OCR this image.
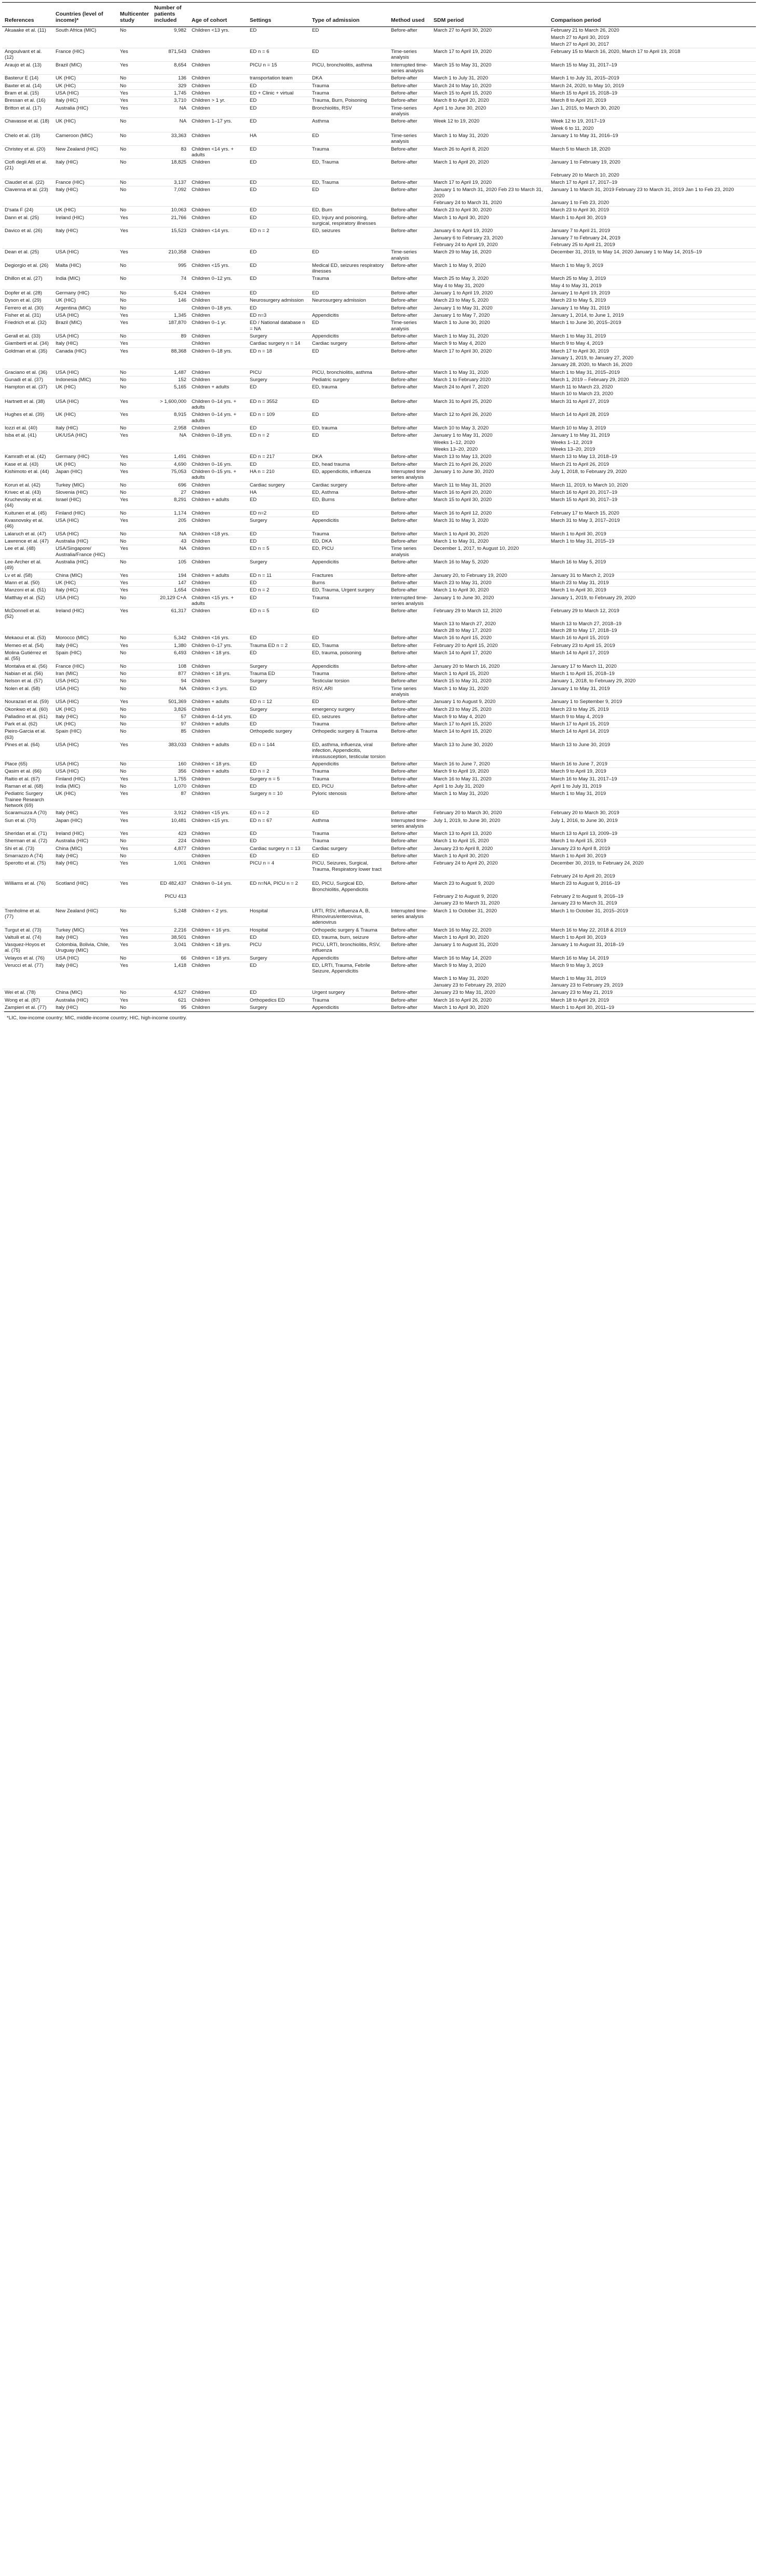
References	Countries (level of income)*	Multicenter study	Number of patients included	Age of cohort	Settings	Type of admission	Method used	SDM period	Comparison period
Akuaake et al. (11)	South Africa (MIC)	No	9,982	Children <13 yrs.	ED	ED	Before-after	March 27 to April 30, 2020	February 21 to March 26, 2020
									March 27 to April 30, 2019
									March 27 to April 30, 2017
Angoulvant et al. (12)	France (HIC)	Yes	871,543	Children	ED n = 6	ED	Time-series analysis	March 17 to April 19, 2020	February 15 to March 16, 2020, March 17 to April 19, 2018
Araujo et al. (13)	Brazil (MIC)	Yes	8,654	Children	PICU n = 15	PICU, bronchiolitis, asthma	Interrupted time-series analysis	March 15 to May 31, 2020	March 15 to May 31, 2017–19
Basterur E (14)	UK (HIC)	No	136	Children	transportation team	DKA	Before-after	March 1 to July 31, 2020	March 1 to July 31, 2015–2019
Baxter et al. (14)	UK (HIC)	No	329	Children	ED	Trauma	Before-after	March 24 to May 10, 2020	March 24, 2020, to May 10, 2019
Bram et al. (15)	USA (HIC)	Yes	1,745	Children	ED + Clinic + virtual	Trauma	Before-after	March 15 to April 15, 2020	March 15 to April 15, 2018–19
Bressan et al. (16)	Italy (HIC)	Yes	3,710	Children > 1 yr.	ED	Trauma, Burn, Poisoning	Before-after	March 8 to April 20, 2020	March 8 to April 20, 2019
Britton et al. (17)	Australia (HIC)	Yes	NA	Children	ED	Bronchiolitis, RSV	Time-series analysis	April 1 to June 30, 2020	Jan 1, 2015, to March 30, 2020
Chavasse et al. (18)	UK (HIC)	No	NA	Children 1–17 yrs.	ED	Asthma	Before-after	Week 12 to 19, 2020	Week 12 to 19, 2017–19
									Week 6 to 11, 2020
Chelo et al. (19)	Cameroon (MIC)	No	33,363	Children	HA	ED	Time-series analysis	March 1 to May 31, 2020	January 1 to May 31, 2016–19
Christey et al. (20)	New Zealand (HIC)	No	83	Children <14 yrs. + adults	ED	Trauma	Before-after	March 26 to April 8, 2020	March 5 to March 18, 2020
Ciofi degli Atti et al. (21)	Italy (HIC)	No	18,825	Children	ED	ED, Trauma	Before-after	March 1 to April 20, 2020	January 1 to February 19, 2020
									February 20 to March 10, 2020
Claudet et al. (22)	France (HIC)	No	3,137	Children	ED	ED, Trauma	Before-after	March 17 to April 19, 2020	March 17 to April 17, 2017–19
Clavenna et al. (23)	Italy (HIC)	No	7,092	Children	ED	ED	Before-after	January 1 to March 31, 2020 Feb 23 to March 31, 2020	January 1 to March 31, 2019 February 23 to March 31, 2019 Jan 1 to Feb 23, 2020
								February 24 to March 31, 2020	January 1 to Feb 23, 2020
D'sata F (24)	UK (HIC)	No	10,063	Children	ED	ED, Burn	Before-after	March 23 to April 30, 2020	March 23 to April 30, 2019
Dann et al. (25)	Ireland (HIC)	Yes	21,766	Children	ED	ED, Injury and poisoning, surgical, respiratory illnesses	Before-after	March 1 to April 30, 2020	March 1 to April 30, 2019
Davico et al. (26)	Italy (HIC)	Yes	15,523	Children <14 yrs.	ED n = 2	ED, seizures	Before-after	January 6 to April 19, 2020	January 7 to April 21, 2019
								January 6 to February 23, 2020	January 7 to February 24, 2019
								February 24 to April 19, 2020	February 25 to April 21, 2019
Dean et al. (25)	USA (HIC)	Yes	210,358	Children	ED	ED	Time-series analysis	March 29 to May 16, 2020	December 31, 2019, to May 14, 2020 January 1 to May 14, 2015–19
Degiorgio et al. (26)	Malta (HIC)	No	995	Children <15 yrs.	ED	Medical ED, seizures respiratory illnesses	Before-after	March 1 to May 9, 2020	March 1 to May 9, 2019
Dhillon et al. (27)	India (MIC)	No	74	Children 0–12 yrs.	ED	Trauma	Before-after	March 25 to May 3, 2020	March 25 to May 3, 2019
								May 4 to May 31, 2020	May 4 to May 31, 2019
Dopfer et al. (28)	Germany (HIC)	No	5,424	Children	ED	ED	Before-after	January 1 to April 19, 2020	January 1 to April 19, 2019
Dyson et al. (29)	UK (HIC)	No	146	Children	Neurosurgery admission	Neurosurgery admission	Before-after	March 23 to May 5, 2020	March 23 to May 5, 2019
Ferrero et al. (30)	Argentina (MIC)	No		Children 0–18 yrs.	ED		Before-after	January 1 to May 31, 2020	January 1 to May 31, 2019
Fisher et al. (31)	USA (HIC)	Yes	1,345	Children	ED n=3	Appendicitis	Before-after	January 1 to May 7, 2020	January 1, 2014, to June 1, 2019
Friedrich et al. (32)	Brazil (MIC)	Yes	187,870	Children 0–1 yr.	ED / National database n = NA	ED	Time-series analysis	March 1 to June 30, 2020	March 1 to June 30, 2015–2019
Gerall et al. (33)	USA (HIC)	No	89	Children	Surgery	Appendicitis	Before-after	March 1 to May 31, 2020	March 1 to May 31, 2019
Giamberti et al. (34)	Italy (HIC)	Yes		Children	Cardiac surgery n = 14	Cardiac surgery	Before-after	March 9 to May 4, 2020	March 9 to May 4, 2019
Goldman et al. (35)	Canada (HIC)	Yes	88,368	Children 0–18 yrs.	ED n = 18	ED	Before-after	March 17 to April 30, 2020	March 17 to April 30, 2019
									January 1, 2019, to January 27, 2020
									January 28, 2020, to March 16, 2020
Graciano et al. (36)	USA (HIC)	No	1,487	Children	PICU	PICU, bronchiolitis, asthma	Before-after	March 1 to May 31, 2020	March 1 to May 31, 2015–2019
Gunadi et al. (37)	Indonesia (MIC)	No	152	Children	Surgery	Pediatric surgery	Before-after	March 1 to February 2020	March 1, 2019 – February 29, 2020
Hampton et al. (37)	UK (HIC)	No	5,165	Children + adults	ED	ED, trauma	Before-after	March 24 to April 7, 2020	March 11 to March 23, 2020
									March 10 to March 23, 2020
Hartnett et al. (38)	USA (HIC)	Yes	> 1,600,000	Children 0–14 yrs. + adults	ED n = 3552	ED	Before-after	March 31 to April 25, 2020	March 31 to April 27, 2019
Hughes et al. (39)	UK (HIC)	Yes	8,915	Children 0–14 yrs. + adults	ED n = 109	ED	Before-after	March 12 to April 26, 2020	March 14 to April 28, 2019
Iozzi et al. (40)	Italy (HIC)	No	2,958	Children	ED	ED, trauma	Before-after	March 10 to May 3, 2020	March 10 to May 3, 2019
Isba et al. (41)	UK/USA (HIC)	Yes	NA	Children 0–18 yrs.	ED n = 2	ED	Before-after	January 1 to May 31, 2020	January 1 to May 31, 2019
								Weeks 1–12, 2020	Weeks 1–12, 2019
								Weeks 13–20, 2020	Weeks 13–20, 2019
Kamrath et al. (42)	Germany (HIC)	Yes	1,491	Children	ED n = 217	DKA	Before-after	March 13 to May 13, 2020	March 13 to May 13, 2018–19
Kase et al. (43)	UK (HIC)	No	4,690	Children 0–16 yrs.	ED	ED, head trauma	Before-after	March 21 to April 26, 2020	March 21 to April 26, 2019
Kishimoto et al. (44)	Japan (HIC)	Yes	75,053	Children 0–15 yrs. + adults	HA n = 210	ED, appendicitis, influenza	Interrupted time series analysis	January 1 to June 30, 2020	July 1, 2018, to February 29, 2020
Korun et al. (42)	Turkey (MIC)	No	696	Children	Cardiac surgery	Cardiac surgery	Before-after	March 11 to May 31, 2020	March 11, 2019, to March 10, 2020
Krivec et al. (43)	Slovenia (HIC)	No	27	Children	HA	ED, Asthma	Before-after	March 16 to April 20, 2020	March 16 to April 20, 2017–19
Kruchevsky et al. (44)	Israel (HIC)	Yes	8,291	Children + adults	ED	ED, Burns	Before-after	March 15 to April 30, 2020	March 15 to April 30, 2017–19
Kuitunen et al. (45)	Finland (HIC)	No	1,174	Children	ED n=2	ED	Before-after	March 16 to April 12, 2020	February 17 to March 15, 2020
Kvasnovsky et al. (46)	USA (HIC)	Yes	205	Children	Surgery	Appendicitis	Before-after	March 31 to May 3, 2020	March 31 to May 3, 2017–2019
Lalaruch et al. (47)	USA (HIC)	No	NA	Children <18 yrs.	ED	Trauma	Before-after	March 1 to April 30, 2020	March 1 to April 30, 2019
Lawrence et al. (47)	Australia (HIC)	No	43	Children	ED	ED, DKA	Before-after	March 1 to May 31, 2020	March 1 to May 31, 2015–19
Lee et al. (48)	USA/Singapore/ Australia/France (HIC)	Yes	NA	Children	ED n = 5	ED, PICU	Time series analysis	December 1, 2017, to August 10, 2020	
Lee-Archer et al. (49)	Australia (HIC)	No	105	Children	Surgery	Appendicitis	Before-after	March 16 to May 5, 2020	March 16 to May 5, 2019
Lv et al. (58)	China (MIC)	Yes	194	Children + adults	ED n = 11	Fractures	Before-after	January 20, to February 19, 2020	January 31 to March 2, 2019
Mann et al. (50)	UK (HIC)	Yes	147	Children	ED	Burns	Before-after	March 23 to May 31, 2020	March 23 to May 31, 2019
Manzoni et al. (51)	Italy (HIC)	Yes	1,654	Children	ED n = 2	ED, Trauma, Urgent surgery	Before-after	March 1 to April 30, 2020	March 1 to April 30, 2019
Matthay et al. (52)	USA (HIC)	No	20,129 C+A	Children <15 yrs. + adults	ED	Trauma	Interrupted time-series analysis	January 1 to June 30, 2020	January 1, 2019, to February 29, 2020
McDonnell et al. (52)	Ireland (HIC)	Yes	61,317	Children	ED n = 5	ED	Before-after	February 29 to March 12, 2020	February 29 to March 12, 2019
								March 13 to March 27, 2020	March 13 to March 27, 2018–19
								March 28 to May 17, 2020	March 28 to May 17, 2018–19
Mekaoui et al. (53)	Morocco (MIC)	No	5,342	Children <16 yrs.	ED	ED	Before-after	March 16 to April 15, 2020	March 16 to April 15, 2019
Memeo et al. (54)	Italy (HIC)	Yes	1,380	Children 0–17 yrs.	Trauma ED n = 2	ED, Trauma	Before-after	February 20 to April 15, 2020	February 23 to April 15, 2019
Molina Gutiérrez et al. (55)	Spain (HIC)	No	6,493	Children < 18 yrs.	ED	ED, trauma, poisoning	Before-after	March 14 to April 17, 2020	March 14 to April 17, 2019
Montalva et al. (56)	France (HIC)	No	108	Children	Surgery	Appendicitis	Before-after	January 20 to March 16, 2020	January 17 to March 11, 2020
Nabian et al. (56)	Iran (MIC)	No	877	Children < 18 yrs.	Trauma ED	Trauma	Before-after	March 1 to April 15, 2020	March 1 to April 15, 2018–19
Nelson et al. (57)	USA (HIC)	No	94	Children	Surgery	Testicular torsion	Before-after	March 15 to May 31, 2020	January 1, 2018, to February 29, 2020
Nolen et al. (58)	USA (HIC)	No	NA	Children < 3 yrs.	ED	RSV, ARI	Time series analysis	March 1 to May 31, 2020	January 1 to May 31, 2019
Nourazari et al. (59)	USA (HIC)	Yes	501,369	Children + adults	ED n = 12	ED	Before-after	January 1 to August 9, 2020	January 1 to September 9, 2019
Okonkwo et al. (60)	UK (HIC)	No	3,826	Children	Surgery	emergency surgery	Before-after	March 23 to May 25, 2020	March 23 to May 25, 2019
Palladino et al. (61)	Italy (HIC)	No	57	Children 4–14 yrs.	ED	ED, seizures	Before-after	March 9 to May 4, 2020	March 9 to May 4, 2019
Park et al. (62)	UK (HIC)	No	97	Children + adults	ED	Trauma	Before-after	March 17 to April 15, 2020	March 17 to April 15, 2019
Pieiro-Garcia et al. (63)	Spain (HIC)	No	85	Children	Orthopedic surgery	Orthopedic surgery & Trauma	Before-after	March 14 to April 15, 2020	March 14 to April 14, 2019
Pines et al. (64)	USA (HIC)	Yes	383,033	Children + adults	ED n = 144	ED, asthma, influenza, viral infection, Appendicitis, intussusception, testicular torsion	Before-after	March 13 to June 30, 2020	March 13 to June 30, 2019
Place (65)	USA (HIC)	No	160	Children < 18 yrs.	ED	Appendicitis	Before-after	March 16 to June 7, 2020	March 16 to June 7, 2019
Qasim et al. (66)	USA (HIC)	No	356	Children + adults	ED n = 2	Trauma	Before-after	March 9 to April 19, 2020	March 9 to April 19, 2019
Raitio et al. (67)	Finland (HIC)	Yes	1,755	Children	Surgery n = 5	Trauma	Before-after	March 16 to May 31, 2020	March 16 to May 31, 2017–19
Raman et al. (68)	India (MIC)	No	1,070	Children	ED	ED, PICU	Before-after	April 1 to July 31, 2020	April 1 to July 31, 2019
Pediatric Surgery Trainee Research Network (69)	UK (HIC)	Yes	87	Children	Surgery n = 10	Pyloric stenosis	Before-after	March 1 to May 31, 2020	March 1 to May 31, 2019
Scaramuzza A (70)	Italy (HIC)	Yes	3,912	Children <15 yrs.	ED n = 2	ED	Before-after	February 20 to March 30, 2020	February 20 to March 30, 2019
Sun et al. (70)	Japan (HIC)	Yes	10,481	Children <15 yrs.	ED n = 67	Asthma	Interrupted time-series analysis	July 1, 2019, to June 30, 2020	July 1, 2016, to June 30, 2019
Sheridan et al. (71)	Ireland (HIC)	Yes	423	Children	ED	Trauma	Before-after	March 13 to April 13, 2020	March 13 to April 13, 2009–19
Sherman et al. (72)	Australia (HIC)	No	224	Children	ED	Trauma	Before-after	March 1 to April 15, 2020	March 1 to April 15, 2019
Shi et al. (73)	China (MIC)	Yes	4,877	Children	Cardiac surgery n = 13	Cardiac surgery	Before-after	January 23 to April 8, 2020	January 23 to April 8, 2019
Smarrazzo A (74)	Italy (HIC)	No		Children	ED	ED	Before-after	March 1 to April 30, 2020	March 1 to April 30, 2019
Sperotto et al. (75)	Italy (HIC)	Yes	1,001	Children	PICU n = 4	PICU, Seizures, Surgical, Trauma, Respiratory lower tract	Before-after	February 24 to April 20, 2020	December 30, 2019, to February 24, 2020
									February 24 to April 20, 2019
Williams et al. (76)	Scotland (HIC)	Yes	ED 482,437	Children 0–14 yrs.	ED n=NA, PICU n = 2	ED, PICU, Surgical ED, Bronchiolitis, Appendicitis	Before-after	March 23 to August 9, 2020	March 23 to August 9, 2016–19
			PICU 413					February 2 to August 9, 2020	February 2 to August 9, 2016–19
								January 23 to March 31, 2020	January 23 to March 31, 2019
Trenholme et al. (77)	New Zealand (HIC)	No	5,248	Children < 2 yrs.	Hospital	LRTI, RSV, influenza A, B, Rhinovirus/enterovirus, adenovirus	Interrupted time-series analysis	March 1 to October 31, 2020	March 1 to October 31, 2015–2019
Turgut et al. (73)	Turkey (MIC)	Yes	2,216	Children < 16 yrs.	Hospital	Orthopedic surgery & Trauma	Before-after	March 16 to May 22, 2020	March 16 to May 22, 2018 & 2019
Valtuili et al. (74)	Italy (HIC)	Yes	38,501	Children	ED	ED, trauma, burn, seizure	Before-after	March 1 to April 30, 2020	March 1 to April 30, 2019
Vasquez-Hoyos et al. (75)	Colombia, Bolivia, Chile, Uruguay (MIC)	Yes	3,041	Children < 18 yrs.	PICU	PICU, LRTI, bronchiolitis, RSV, influenza	Before-after	January 1 to August 31, 2020	January 1 to August 31, 2018–19
Velayos et al. (76)	USA (HIC)	No	66	Children < 18 yrs.	Surgery	Appendicitis	Before-after	March 16 to May 14, 2020	March 16 to May 14, 2019
Verucci et al. (77)	Italy (HIC)	Yes	1,418	Children	ED	ED, LRTI, Trauma, Febrile Seizure, Appendicitis	Before-after	March 9 to May 3, 2020	March 9 to May 3, 2019
								March 1 to May 31, 2020	March 1 to May 31, 2019
								January 23 to February 29, 2020	January 23 to February 29, 2019
Wei et al. (78)	China (MIC)	No	4,527	Children	ED	Urgent surgery	Before-after	January 23 to May 31, 2020	January 23 to May 21, 2019
Wong et al. (87)	Australia (HIC)	Yes	621	Children	Orthopedics ED	Trauma	Before-after	March 16 to April 26, 2020	March 18 to April 29, 2019
Zampieri et al. (77)	Italy (HIC)	No	95	Children	Surgery	Appendicitis	Before-after	March 1 to April 30, 2020	March 1 to April 30, 2011–19
*LIC, low-income country; MIC, middle-income country; HIC, high-income country.
